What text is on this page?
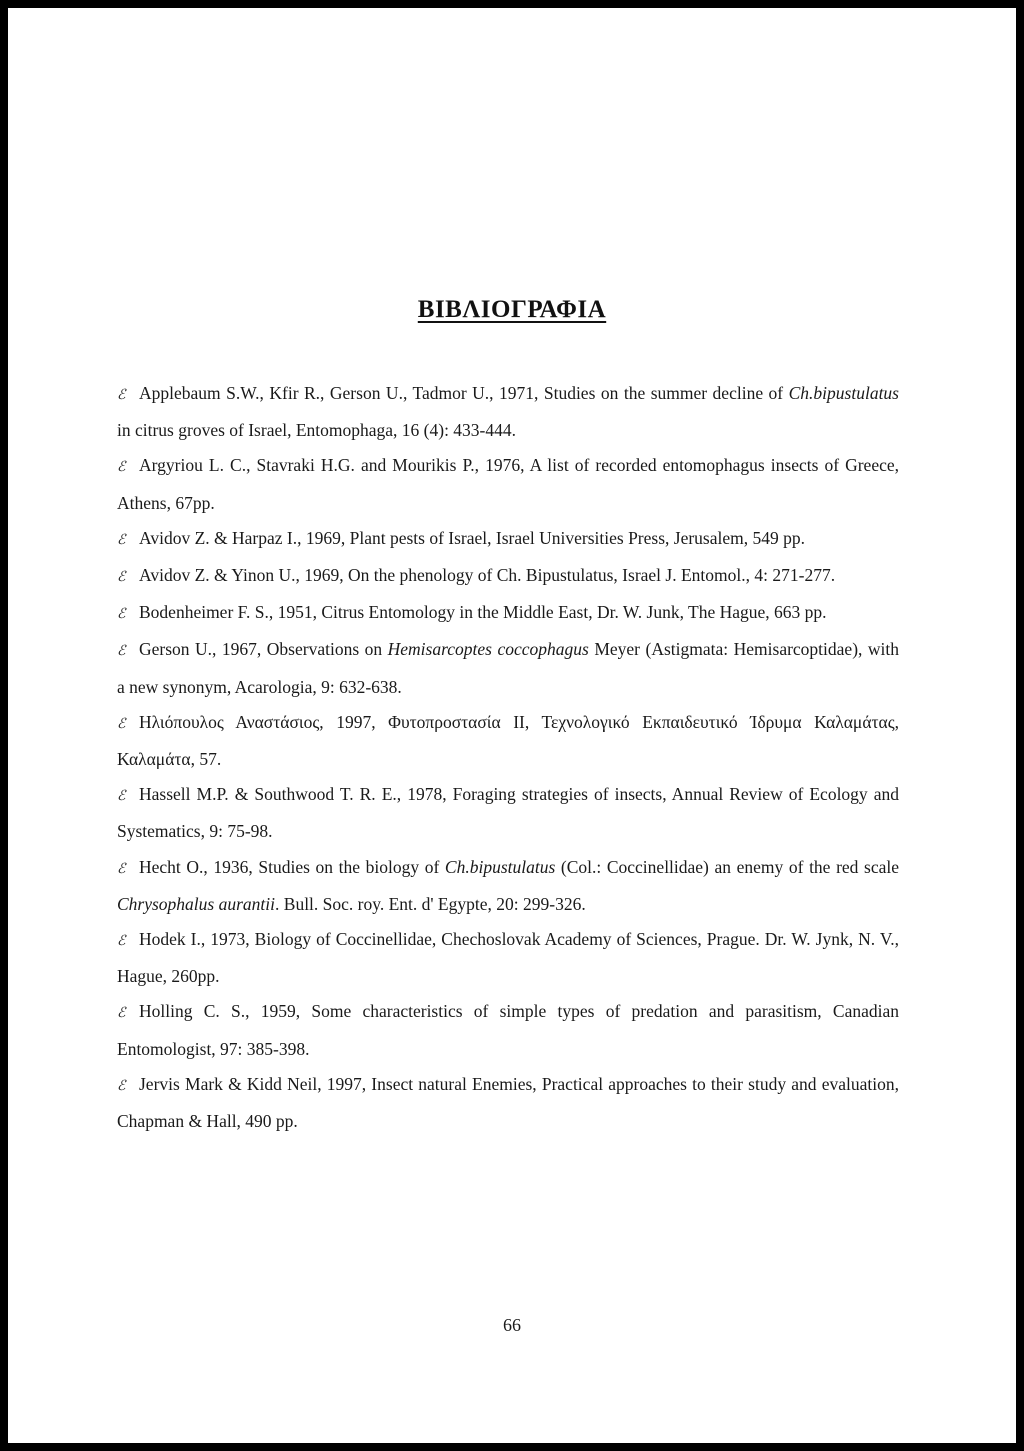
ΒΙΒΛΙΟΓΡΑΦΙΑ

ℰ Applebaum S.W., Kfir R., Gerson U., Tadmor U., 1971, Studies on the summer decline of Ch.bipustulatus in citrus groves of Israel, Entomophaga, 16 (4): 433-444.

ℰ Argyriou L. C., Stavraki H.G. and Mourikis P., 1976, A list of recorded entomophagus insects of Greece, Athens, 67pp.

ℰ Avidov Z. & Harpaz I., 1969, Plant pests of Israel, Israel Universities Press, Jerusalem, 549 pp.

ℰ Avidov Z. & Yinon U., 1969, On the phenology of Ch. Bipustulatus, Israel J. Entomol., 4: 271-277.

ℰ Bodenheimer F. S., 1951, Citrus Entomology in the Middle East, Dr. W. Junk, The Hague, 663 pp.

ℰ Gerson U., 1967, Observations on Hemisarcoptes coccophagus Meyer (Astigmata: Hemisarcoptidae), with a new synonym, Acarologia, 9: 632-638.

ℰ Ηλιόπουλος Αναστάσιος, 1997, Φυτοπροστασία ΙΙ, Τεχνολογικό Εκπαιδευτικό Ίδρυμα Καλαμάτας, Καλαμάτα, 57.

ℰ Hassell M.P. & Southwood T. R. E., 1978, Foraging strategies of insects, Annual Review of Ecology and Systematics, 9: 75-98.

ℰ Hecht O., 1936, Studies on the biology of Ch.bipustulatus (Col.: Coccinellidae) an enemy of the red scale Chrysophalus aurantii. Bull. Soc. roy. Ent. d' Egypte, 20: 299-326.

ℰ Hodek I., 1973, Biology of Coccinellidae, Chechoslovak Academy of Sciences, Prague. Dr. W. Jynk, N. V., Hague, 260pp.

ℰ Holling C. S., 1959, Some characteristics of simple types of predation and parasitism, Canadian Entomologist, 97: 385-398.

ℰ Jervis Mark & Kidd Neil, 1997, Insect natural Enemies, Practical approaches to their study and evaluation, Chapman & Hall, 490 pp.

66
